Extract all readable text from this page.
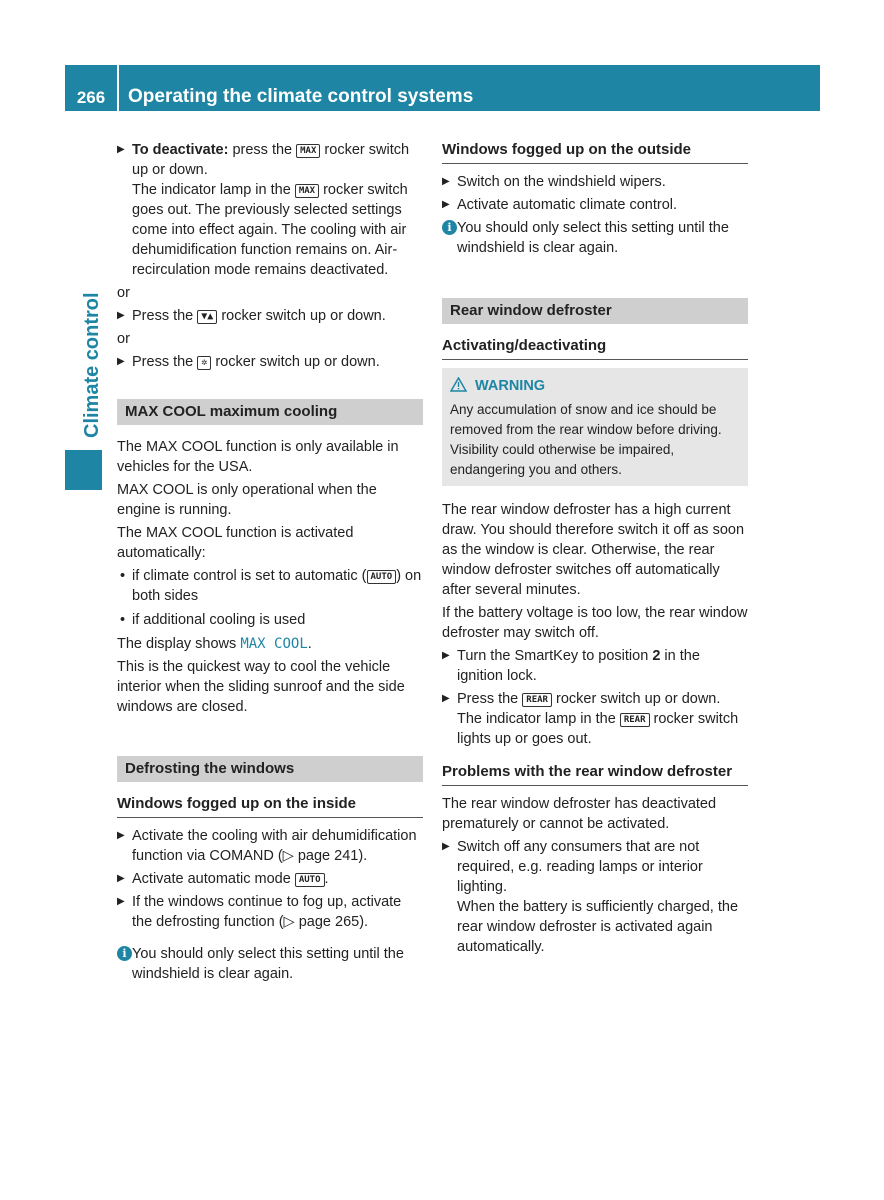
266	Operating the climate control systems
Climate control
▶ To deactivate: press the MAX rocker switch up or down.
The indicator lamp in the MAX rocker switch goes out. The previously selected settings come into effect again. The cooling with air dehumidification function remains on. Air-recirculation mode remains deactivated.
or
▶ Press the ▼▲ rocker switch up or down.
or
▶ Press the ✲ rocker switch up or down.
MAX COOL maximum cooling

The MAX COOL function is only available in vehicles for the USA.

MAX COOL is only operational when the engine is running.

The MAX COOL function is activated automatically:

• if climate control is set to automatic ( AUTO ) on both sides
• if additional cooling is used

The display shows MAX COOL.

This is the quickest way to cool the vehicle interior when the sliding sunroof and the side windows are closed.

Defrosting the windows
Windows fogged up on the inside
▶ Activate the cooling with air dehumidification function via COMAND (▷ page 241).
▶ Activate automatic mode AUTO .
▶ If the windows continue to fog up, activate the defrosting function (▷ page 265).
i You should only select this setting until the windshield is clear again.
Windows fogged up on the outside
▶ Switch on the windshield wipers.
▶ Activate automatic climate control.
i You should only select this setting until the windshield is clear again.
Rear window defroster
Activating/deactivating
WARNING
Any accumulation of snow and ice should be removed from the rear window before driving. Visibility could otherwise be impaired, endangering you and others.

The rear window defroster has a high current draw. You should therefore switch it off as soon as the window is clear. Otherwise, the rear window defroster switches off automatically after several minutes.

If the battery voltage is too low, the rear window defroster may switch off.

▶ Turn the SmartKey to position 2 in the ignition lock.
▶ Press the REAR rocker switch up or down.
The indicator lamp in the REAR rocker switch lights up or goes out.
Problems with the rear window defroster

The rear window defroster has deactivated prematurely or cannot be activated.

▶ Switch off any consumers that are not required, e.g. reading lamps or interior lighting.
When the battery is sufficiently charged, the rear window defroster is activated again automatically.
